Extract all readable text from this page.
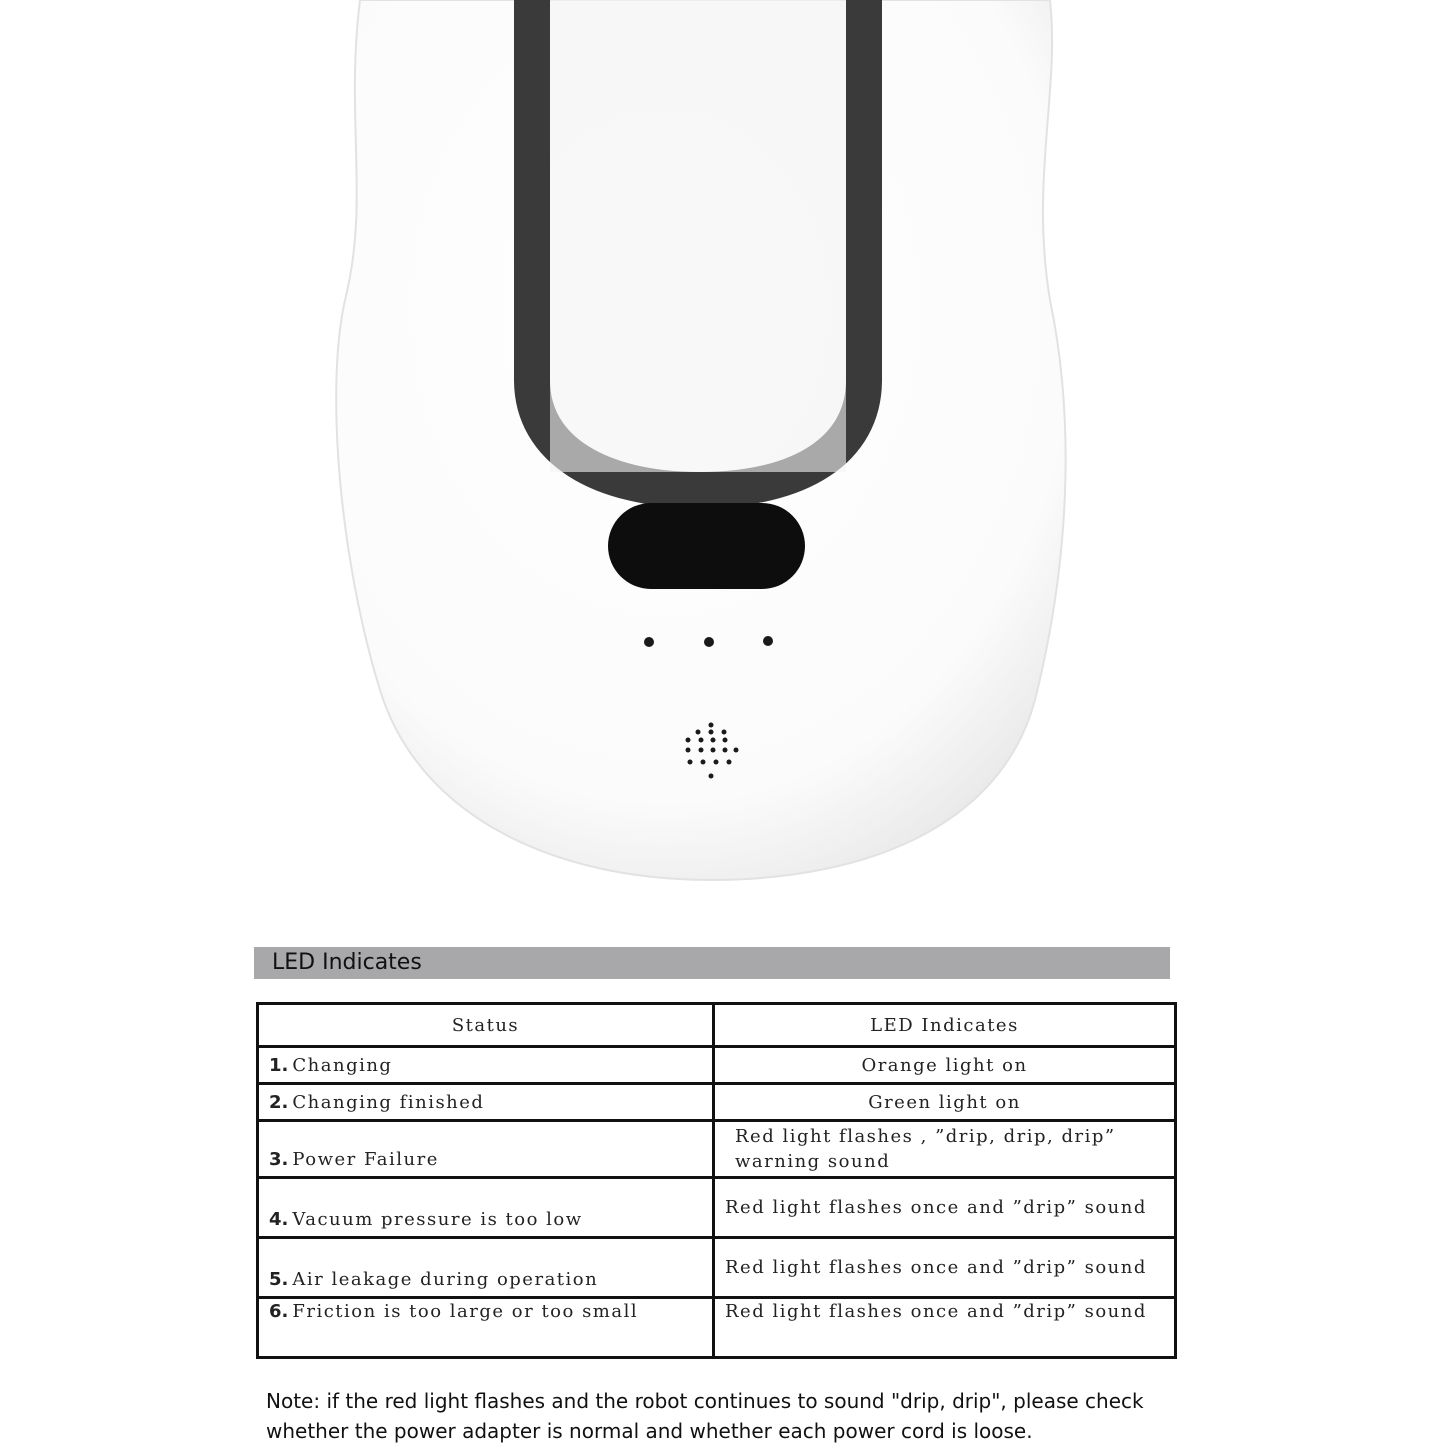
LED Indicates
Status	LED Indicates
1. Changing	Orange light on
2. Changing finished	Green light on
3. Power Failure	Red light flashes , ”drip, drip, drip” warning sound
4. Vacuum pressure is too low	Red light flashes once and ”drip” sound
5. Air leakage during operation	Red light flashes once and ”drip” sound
6. Friction is too large or too small	Red light flashes once and ”drip” sound
Note: if the red light flashes and the robot continues to sound "drip, drip", please check whether the power adapter is normal and whether each power cord is loose.
